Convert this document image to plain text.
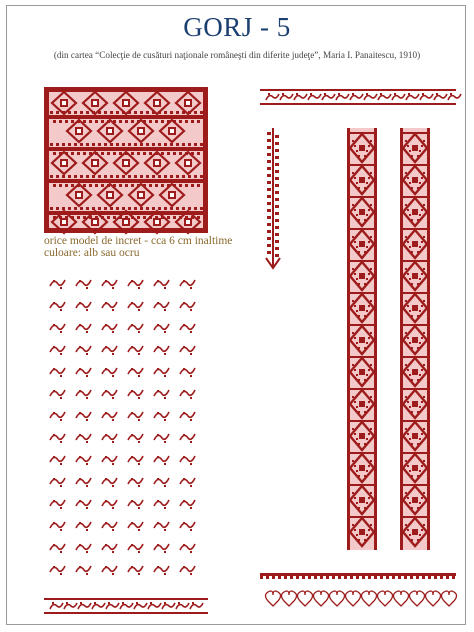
GORJ - 5
(din cartea “Colecţie de cusături naţionale româneşti din diferite judeţe”, Maria I. Panaitescu, 1910)
orice model de incret - cca 6 cm inaltime
culoare: alb sau ocru
